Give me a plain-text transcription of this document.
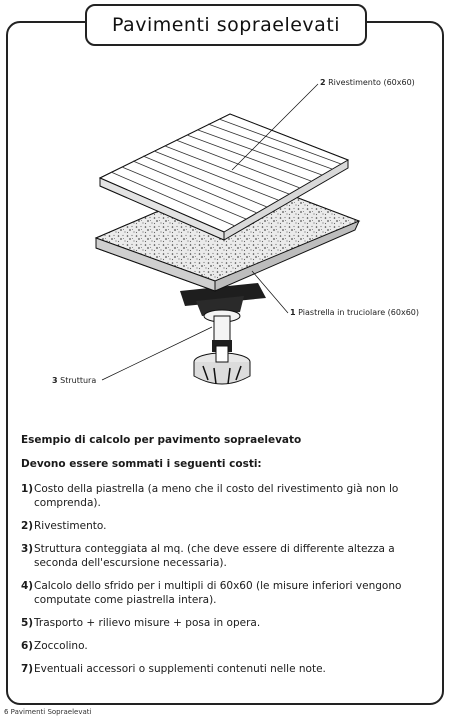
Pavimenti sopraelevati
2 Rivestimento (60x60)
1 Piastrella in truciolare (60x60)
3 Struttura

Esempio di calcolo per pavimento sopraelevato

Devono essere sommati i seguenti costi:

1) Costo della piastrella (a meno che il costo del rivestimento già non lo comprenda).
2) Rivestimento.
3) Struttura conteggiata al mq. (che deve essere di differente altezza a seconda dell'escursione necessaria).
4) Calcolo dello sfrido per i multipli di 60x60 (le misure inferiori vengono computate come piastrella intera).
5) Trasporto + rilievo misure + posa in opera.
6) Zoccolino.
7) Eventuali accessori o supplementi contenuti nelle note.
6 Pavimenti Sopraelevati
